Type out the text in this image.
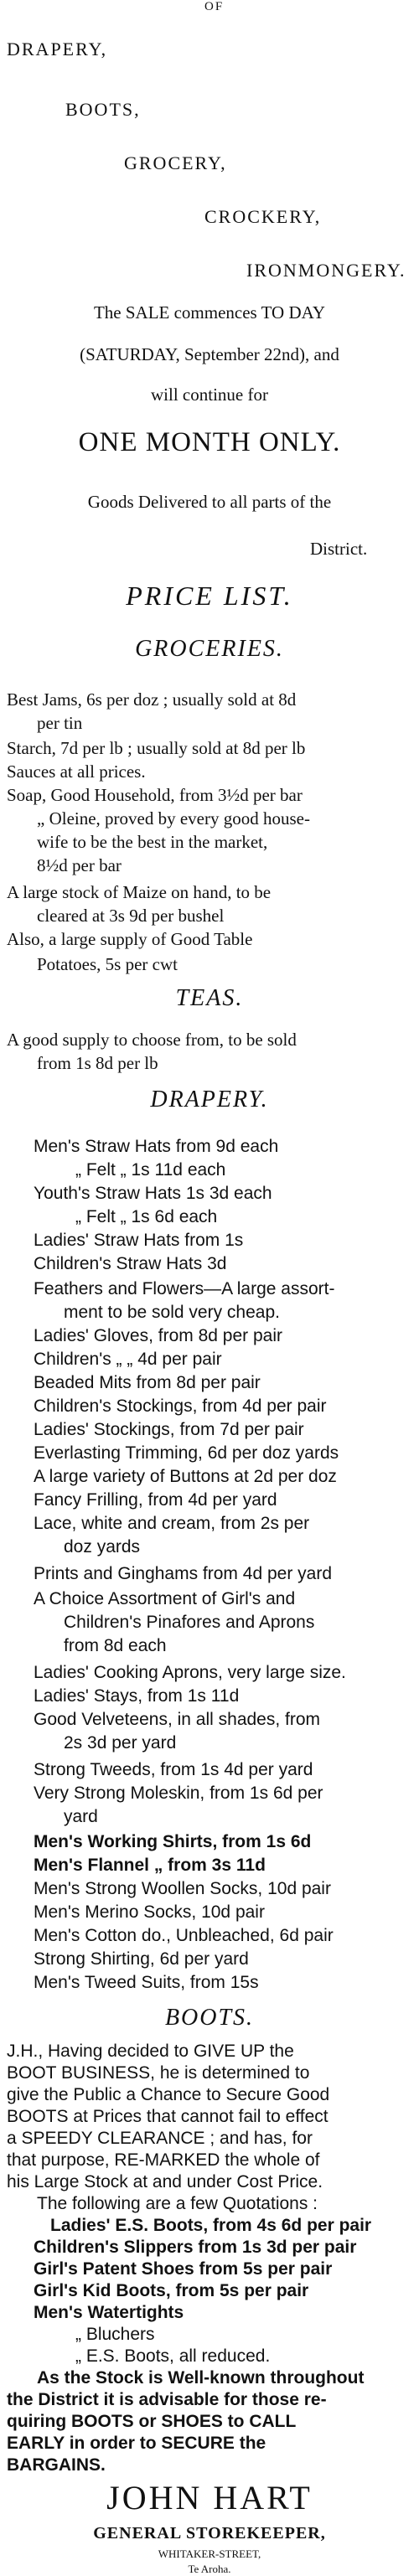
OF
DRAPERY,
BOOTS,
GROCERY,
CROCKERY,
IRONMONGERY.
The SALE commences TO DAY
(SATURDAY, September 22nd), and
will continue for
ONE MONTH ONLY.
Goods Delivered to all parts of the
District.
PRICE LIST.
GROCERIES.
Best Jams, 6s per doz ; usually sold at 8d
per tin
Starch, 7d per lb ; usually sold at 8d per lb
Sauces at all prices.
Soap, Good Household, from 3½d per bar
„ Oleine, proved by every good house-
wife to be the best in the market,
8½d per bar
A large stock of Maize on hand, to be
cleared at 3s 9d per bushel
Also, a large supply of Good Table
Potatoes, 5s per cwt
TEAS.
A good supply to choose from, to be sold
from 1s 8d per lb
DRAPERY.
Men's Straw Hats from 9d each
„ Felt „ 1s 11d each
Youth's Straw Hats 1s 3d each
„ Felt „ 1s 6d each
Ladies' Straw Hats from 1s
Children's Straw Hats 3d
Feathers and Flowers—A large assort-
ment to be sold very cheap.
Ladies' Gloves, from 8d per pair
Children's „ „ 4d per pair
Beaded Mits from 8d per pair
Children's Stockings, from 4d per pair
Ladies' Stockings, from 7d per pair
Everlasting Trimming, 6d per doz yards
A large variety of Buttons at 2d per doz
Fancy Frilling, from 4d per yard
Lace, white and cream, from 2s per
doz yards
Prints and Ginghams from 4d per yard
A Choice Assortment of Girl's and
Children's Pinafores and Aprons
from 8d each
Ladies' Cooking Aprons, very large size.
Ladies' Stays, from 1s 11d
Good Velveteens, in all shades, from
2s 3d per yard
Strong Tweeds, from 1s 4d per yard
Very Strong Moleskin, from 1s 6d per
yard
Men's Working Shirts, from 1s 6d
Men's Flannel „ from 3s 11d
Men's Strong Woollen Socks, 10d pair
Men's Merino Socks, 10d pair
Men's Cotton do., Unbleached, 6d pair
Strong Shirting, 6d per yard
Men's Tweed Suits, from 15s
BOOTS.
J.H., Having decided to GIVE UP the
BOOT BUSINESS, he is determined to
give the Public a Chance to Secure Good
BOOTS at Prices that cannot fail to effect
a SPEEDY CLEARANCE ; and has, for
that purpose, RE-MARKED the whole of
his Large Stock at and under Cost Price.
The following are a few Quotations :
Ladies' E.S. Boots, from 4s 6d per pair
Children's Slippers from 1s 3d per pair
Girl's Patent Shoes from 5s per pair
Girl's Kid Boots, from 5s per pair
Men's Watertights
„ Bluchers
„ E.S. Boots, all reduced.
As the Stock is Well-known throughout
the District it is advisable for those re-
quiring BOOTS or SHOES to CALL
EARLY in order to SECURE the
BARGAINS.
JOHN HART
GENERAL STOREKEEPER,
WHITAKER-STREET,
Te Aroha.
